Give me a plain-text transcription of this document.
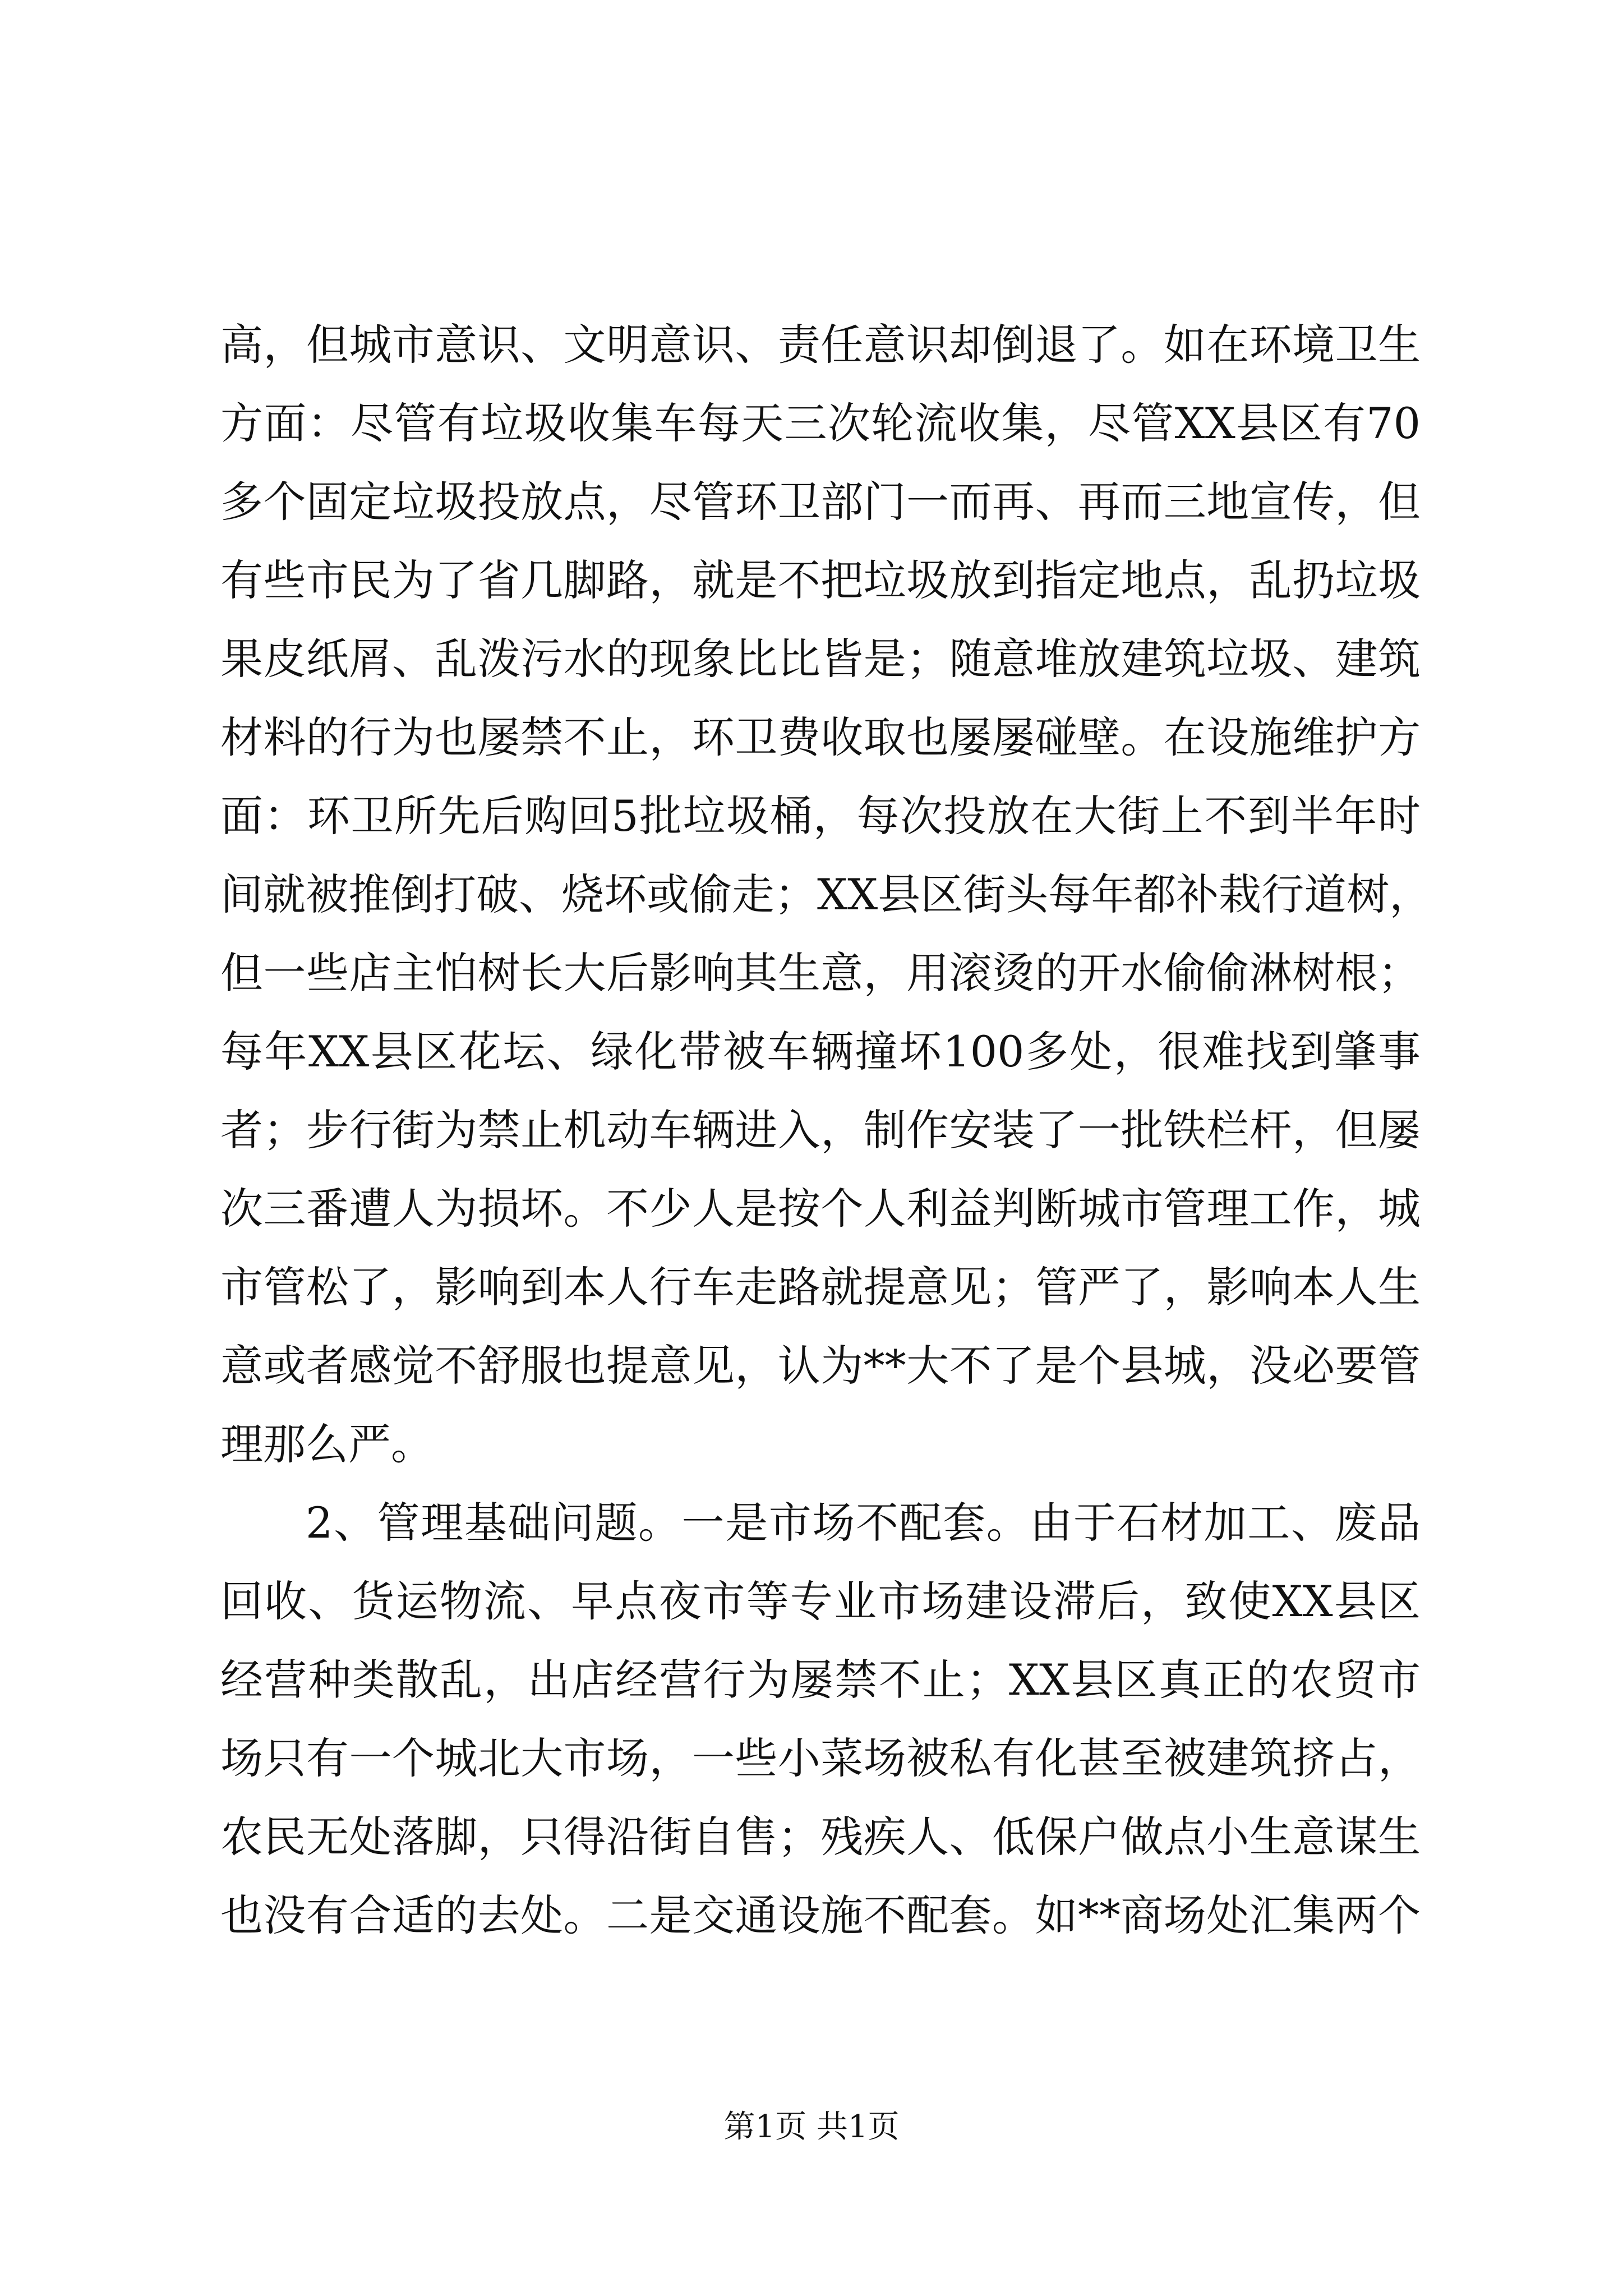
高，但城市意识、文明意识、责任意识却倒退了。如在环境卫生
方面：尽管有垃圾收集车每天三次轮流收集，尽管XX县区有70
多个固定垃圾投放点，尽管环卫部门一而再、再而三地宣传，但
有些市民为了省几脚路，就是不把垃圾放到指定地点，乱扔垃圾
果皮纸屑、乱泼污水的现象比比皆是；随意堆放建筑垃圾、建筑
材料的行为也屡禁不止，环卫费收取也屡屡碰壁。在设施维护方
面：环卫所先后购回5批垃圾桶，每次投放在大街上不到半年时
间就被推倒打破、烧坏或偷走；XX县区街头每年都补栽行道树，
但一些店主怕树长大后影响其生意，用滚烫的开水偷偷淋树根；
每年XX县区花坛、绿化带被车辆撞坏100多处，很难找到肇事
者；步行街为禁止机动车辆进入，制作安装了一批铁栏杆，但屡
次三番遭人为损坏。不少人是按个人利益判断城市管理工作，城
市管松了，影响到本人行车走路就提意见；管严了，影响本人生
意或者感觉不舒服也提意见，认为**大不了是个县城，没必要管
理那么严。
2、管理基础问题。一是市场不配套。由于石材加工、废品
回收、货运物流、早点夜市等专业市场建设滞后，致使XX县区
经营种类散乱，出店经营行为屡禁不止；XX县区真正的农贸市
场只有一个城北大市场，一些小菜场被私有化甚至被建筑挤占，
农民无处落脚，只得沿街自售；残疾人、低保户做点小生意谋生
也没有合适的去处。二是交通设施不配套。如**商场处汇集两个
第1页 共1页
